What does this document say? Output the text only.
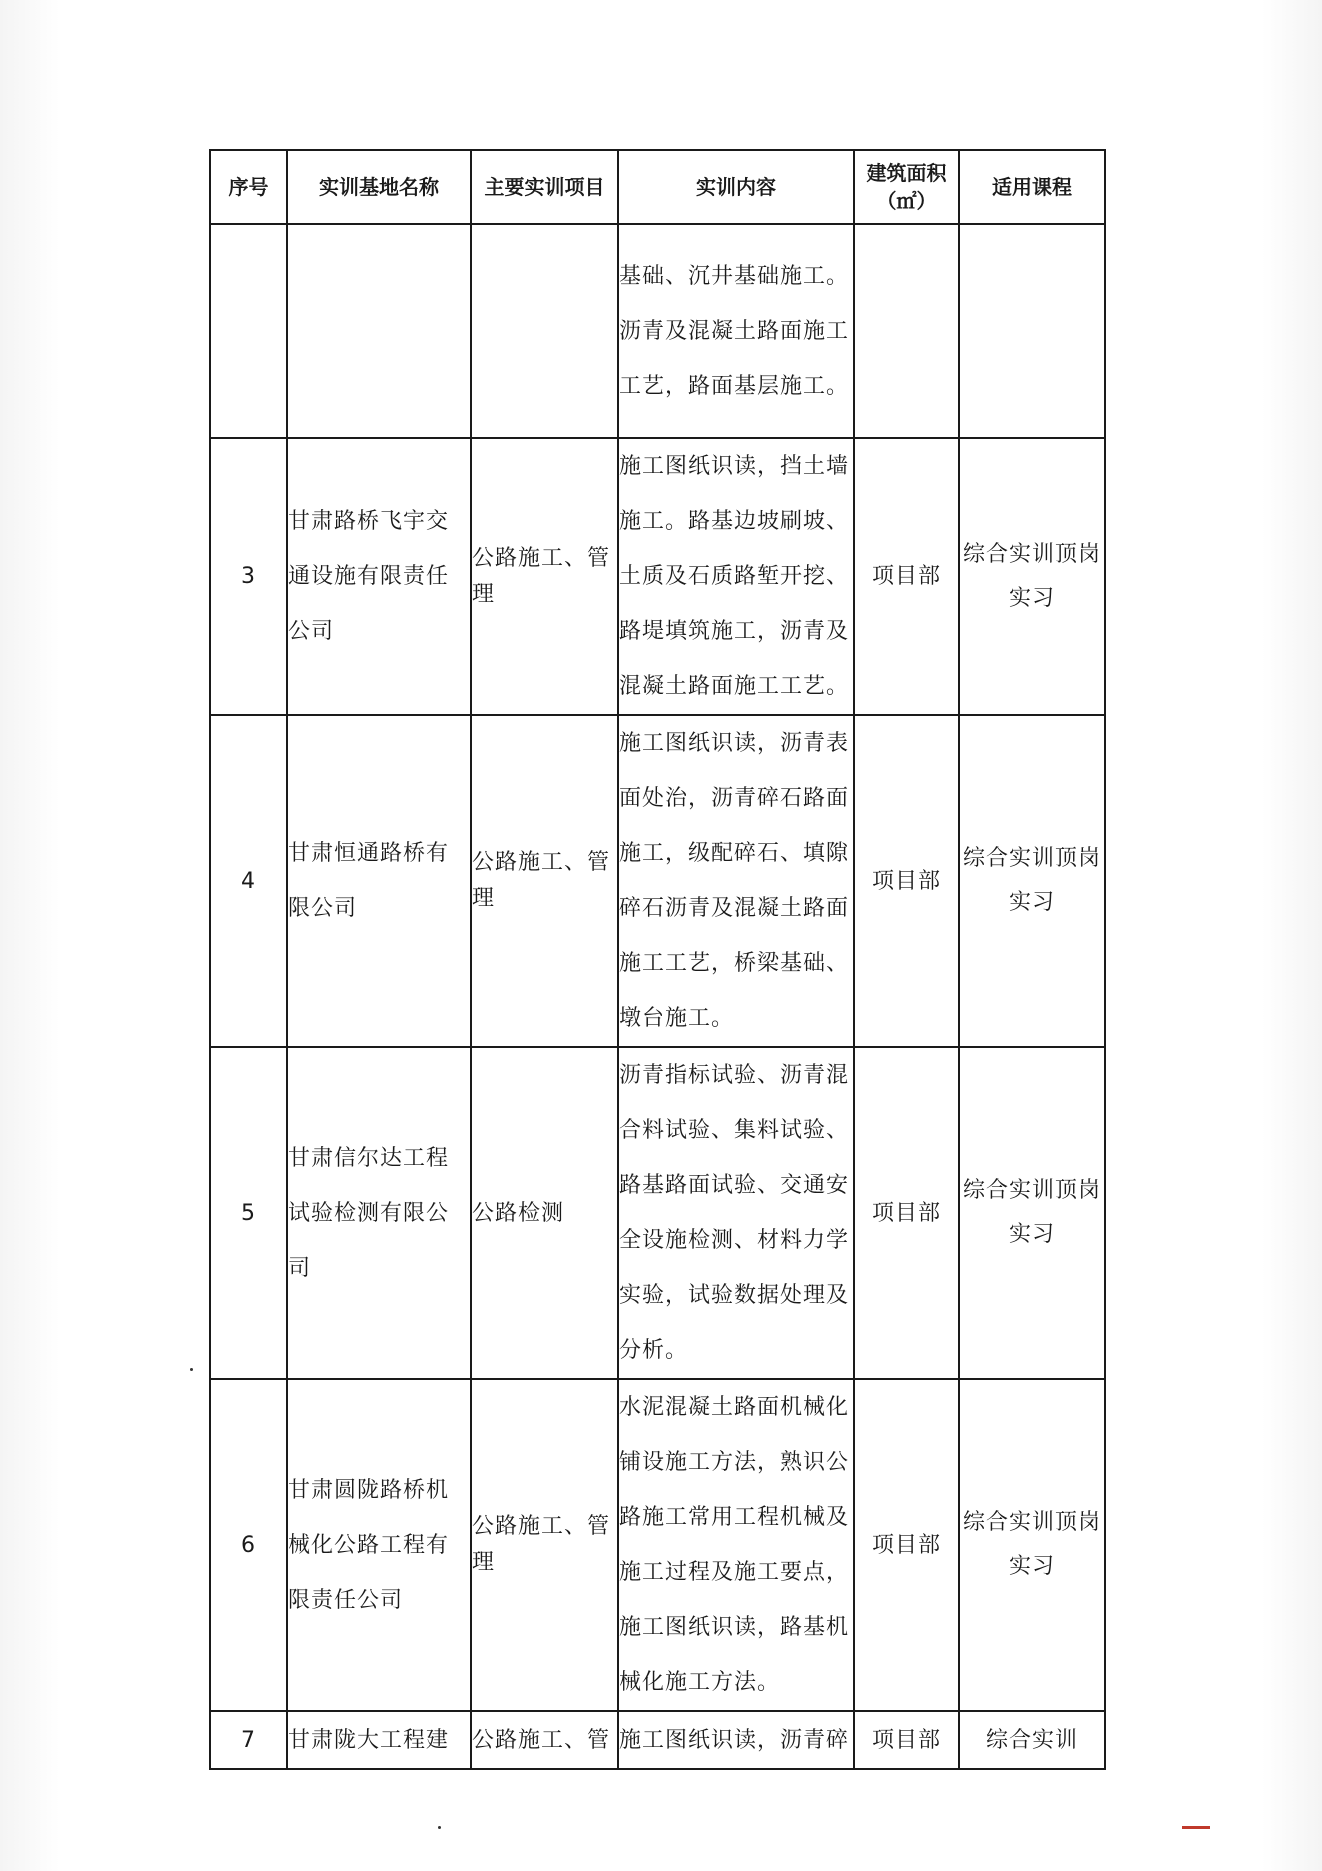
序号	实训基地名称	主要实训项目	实训内容	建筑面积（㎡）	适用课程
			基础、沉井基础施工。沥青及混凝土路面施工工艺，路面基层施工。		
3	甘肃路桥飞宇交通设施有限责任公司	公路施工、管理	施工图纸识读，挡土墙施工。路基边坡刷坡、土质及石质路堑开挖、路堤填筑施工，沥青及混凝土路面施工工艺。	项目部	综合实训顶岗实习
4	甘肃恒通路桥有限公司	公路施工、管理	施工图纸识读，沥青表面处治，沥青碎石路面施工，级配碎石、填隙碎石沥青及混凝土路面施工工艺，桥梁基础、墩台施工。	项目部	综合实训顶岗实习
5	甘肃信尔达工程试验检测有限公司	公路检测	沥青指标试验、沥青混合料试验、集料试验、路基路面试验、交通安全设施检测、材料力学实验，试验数据处理及分析。	项目部	综合实训顶岗实习
6	甘肃圆陇路桥机械化公路工程有限责任公司	公路施工、管理	水泥混凝土路面机械化铺设施工方法，熟识公路施工常用工程机械及施工过程及施工要点，施工图纸识读，路基机械化施工方法。	项目部	综合实训顶岗实习
7	甘肃陇大工程建	公路施工、管	施工图纸识读，沥青碎	项目部	综合实训
